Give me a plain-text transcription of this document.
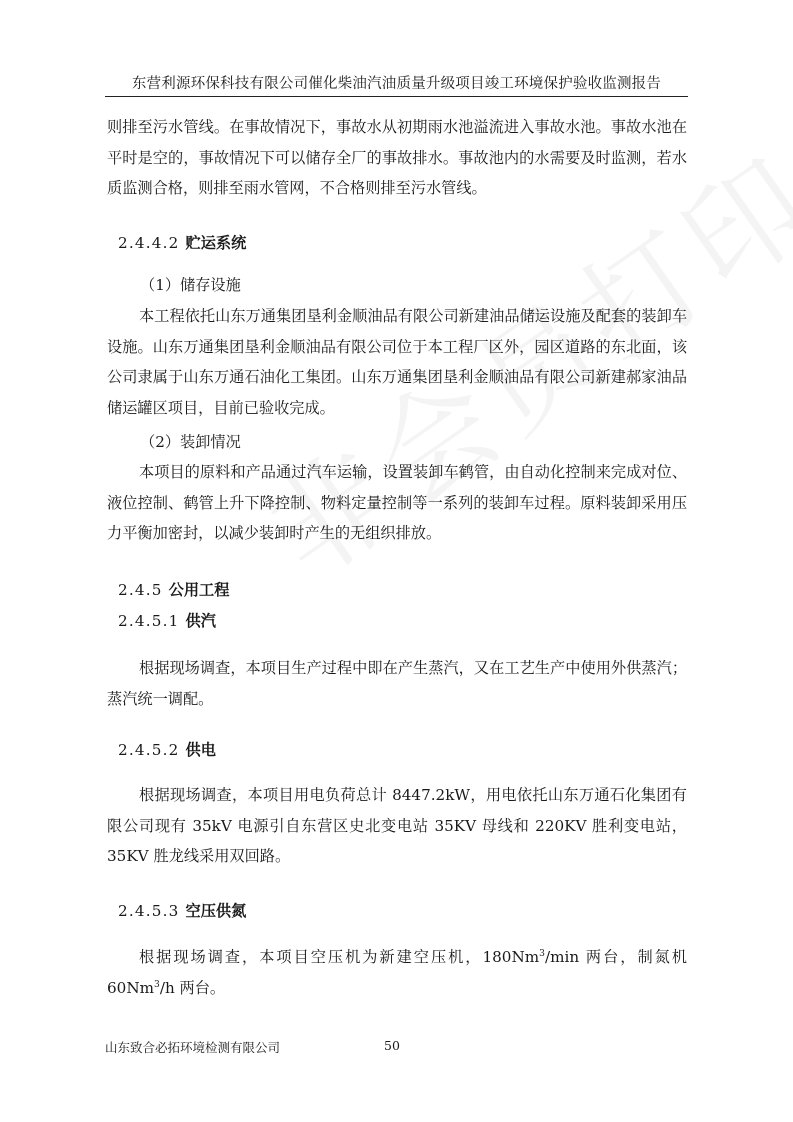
东营利源环保科技有限公司催化柴油汽油质量升级项目竣工环境保护验收监测报告

则排至污水管线。在事故情况下，事故水从初期雨水池溢流进入事故水池。事故水池在平时是空的，事故情况下可以储存全厂的事故排水。事故池内的水需要及时监测，若水质监测合格，则排至雨水管网，不合格则排至污水管线。

2.4.4.2 贮运系统
（1）储存设施

本工程依托山东万通集团垦利金顺油品有限公司新建油品储运设施及配套的装卸车设施。山东万通集团垦利金顺油品有限公司位于本工程厂区外，园区道路的东北面，该公司隶属于山东万通石油化工集团。山东万通集团垦利金顺油品有限公司新建郝家油品储运罐区项目，目前已验收完成。

（2）装卸情况

本项目的原料和产品通过汽车运输，设置装卸车鹤管，由自动化控制来完成对位、液位控制、鹤管上升下降控制、物料定量控制等一系列的装卸车过程。原料装卸采用压力平衡加密封，以减少装卸时产生的无组织排放。

2.4.5 公用工程
2.4.5.1 供汽

根据现场调查，本项目生产过程中即在产生蒸汽，又在工艺生产中使用外供蒸汽；蒸汽统一调配。

2.4.5.2 供电

根据现场调查，本项目用电负荷总计 8447.2kW，用电依托山东万通石化集团有限公司现有 35kV 电源引自东营区史北变电站 35KV 母线和 220KV 胜利变电站，35KV 胜龙线采用双回路。

2.4.5.3 空压供氮

根据现场调查，本项目空压机为新建空压机，180Nm$^3$/min 两台，制氮机 60Nm$^3$/h 两台。

山东致合必拓环境检测有限公司	50
